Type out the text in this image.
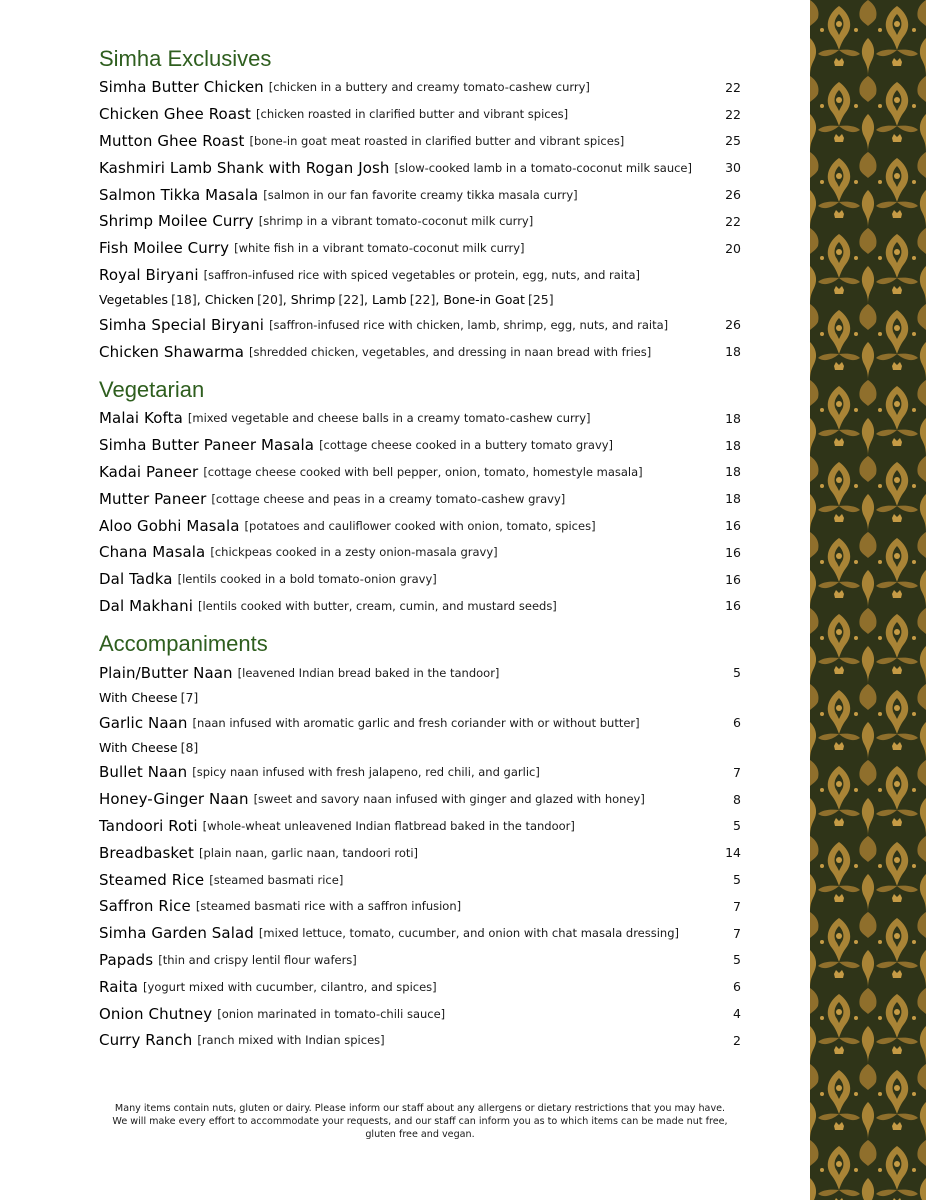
Simha Exclusives
Simha Butter Chicken [chicken in a buttery and creamy tomato-cashew curry]	22
Chicken Ghee Roast [chicken roasted in clarified butter and vibrant spices]	22
Mutton Ghee Roast [bone-in goat meat roasted in clarified butter and vibrant spices]	25
Kashmiri Lamb Shank with Rogan Josh [slow-cooked lamb in a tomato-coconut milk sauce]	30
Salmon Tikka Masala [salmon in our fan favorite creamy tikka masala curry]	26
Shrimp Moilee Curry [shrimp in a vibrant tomato-coconut milk curry]	22
Fish Moilee Curry [white fish in a vibrant tomato-coconut milk curry]	20
Royal Biryani [saffron-infused rice with spiced vegetables or protein, egg, nuts, and raita]
Vegetables [18] , Chicken [20] , Shrimp [22] , Lamb [22] , Bone-in Goat [25]
Simha Special Biryani [saffron-infused rice with chicken, lamb, shrimp, egg, nuts, and raita]	26
Chicken Shawarma [shredded chicken, vegetables, and dressing in naan bread with fries]	18
Vegetarian
Malai Kofta [mixed vegetable and cheese balls in a creamy tomato-cashew curry]	18
Simha Butter Paneer Masala [cottage cheese cooked in a buttery tomato gravy]	18
Kadai Paneer [cottage cheese cooked with bell pepper, onion, tomato, homestyle masala]	18
Mutter Paneer [cottage cheese and peas in a creamy tomato-cashew gravy]	18
Aloo Gobhi Masala [potatoes and cauliflower cooked with onion, tomato, spices]	16
Chana Masala [chickpeas cooked in a zesty onion-masala gravy]	16
Dal Tadka [lentils cooked in a bold tomato-onion gravy]	16
Dal Makhani [lentils cooked with butter, cream, cumin, and mustard seeds]	16
Accompaniments
Plain/Butter Naan [leavened Indian bread baked in the tandoor]	5
With Cheese [7]
Garlic Naan [naan infused with aromatic garlic and fresh coriander with or without butter]	6
With Cheese [8]
Bullet Naan [spicy naan infused with fresh jalapeno, red chili, and garlic]	7
Honey-Ginger Naan [sweet and savory naan infused with ginger and glazed with honey]	8
Tandoori Roti [whole-wheat unleavened Indian flatbread baked in the tandoor]	5
Breadbasket [plain naan, garlic naan, tandoori roti]	14
Steamed Rice [steamed basmati rice]	5
Saffron Rice [steamed basmati rice with a saffron infusion]	7
Simha Garden Salad [mixed lettuce, tomato, cucumber, and onion with chat masala dressing]	7
Papads [thin and crispy lentil flour wafers]	5
Raita [yogurt mixed with cucumber, cilantro, and spices]	6
Onion Chutney [onion marinated in tomato-chili sauce]	4
Curry Ranch [ranch mixed with Indian spices]	2
Many items contain nuts, gluten or dairy. Please inform our staff about any allergens or dietary restrictions that you may have.
We will make every effort to accommodate your requests, and our staff can inform you as to which items can be made nut free,
gluten free and vegan.
